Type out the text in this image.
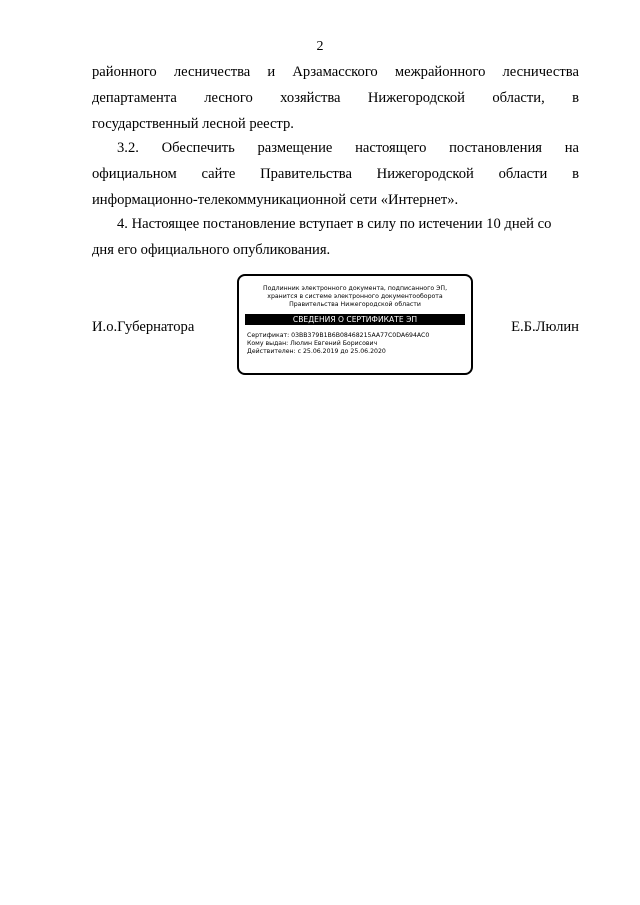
2
районного лесничества и Арзамасского межрайонного лесничества
департамента лесного хозяйства Нижегородской области, в
государственный лесной реестр.
3.2. Обеспечить размещение настоящего постановления на
официальном сайте Правительства Нижегородской области в
информационно-телекоммуникационной сети «Интернет».
4. Настоящее постановление вступает в силу по истечении 10 дней со
дня его официального опубликования.
И.о.Губернатора
Подлинник электронного документа, подписанного ЭП,
хранится в системе электронного документооборота
Правительства Нижегородской области
СВЕДЕНИЯ О СЕРТИФИКАТЕ ЭП
Сертификат: 03BB379B1B6B08468215AA77C0DA694AC0
Кому выдан: Люлин Евгений Борисович
Действителен: с 25.06.2019 до 25.06.2020
Е.Б.Люлин
